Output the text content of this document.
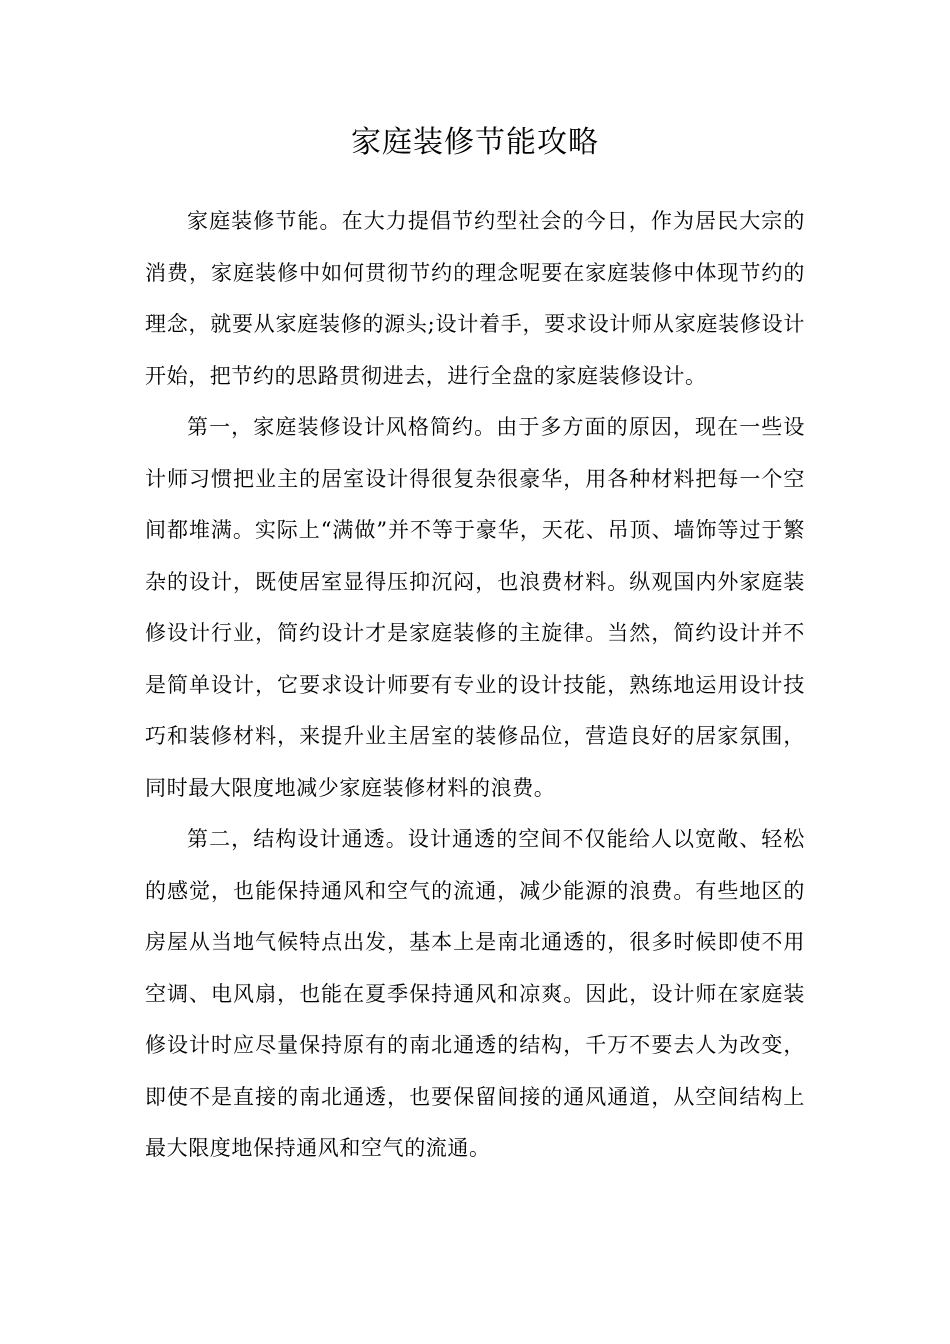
家庭装修节能攻略

家庭装修节能。在大力提倡节约型社会的今日，作为居民大宗的消费，家庭装修中如何贯彻节约的理念呢要在家庭装修中体现节约的理念，就要从家庭装修的源头;设计着手，要求设计师从家庭装修设计开始，把节约的思路贯彻进去，进行全盘的家庭装修设计。

第一，家庭装修设计风格简约。由于多方面的原因，现在一些设计师习惯把业主的居室设计得很复杂很豪华，用各种材料把每一个空间都堆满。实际上“满做”并不等于豪华，天花、吊顶、墙饰等过于繁杂的设计，既使居室显得压抑沉闷，也浪费材料。纵观国内外家庭装修设计行业，简约设计才是家庭装修的主旋律。当然，简约设计并不是简单设计，它要求设计师要有专业的设计技能，熟练地运用设计技巧和装修材料，来提升业主居室的装修品位，营造良好的居家氛围，同时最大限度地减少家庭装修材料的浪费。

第二，结构设计通透。设计通透的空间不仅能给人以宽敞、轻松的感觉，也能保持通风和空气的流通，减少能源的浪费。有些地区的房屋从当地气候特点出发，基本上是南北通透的，很多时候即使不用空调、电风扇，也能在夏季保持通风和凉爽。因此，设计师在家庭装修设计时应尽量保持原有的南北通透的结构，千万不要去人为改变，即使不是直接的南北通透，也要保留间接的通风通道，从空间结构上最大限度地保持通风和空气的流通。
